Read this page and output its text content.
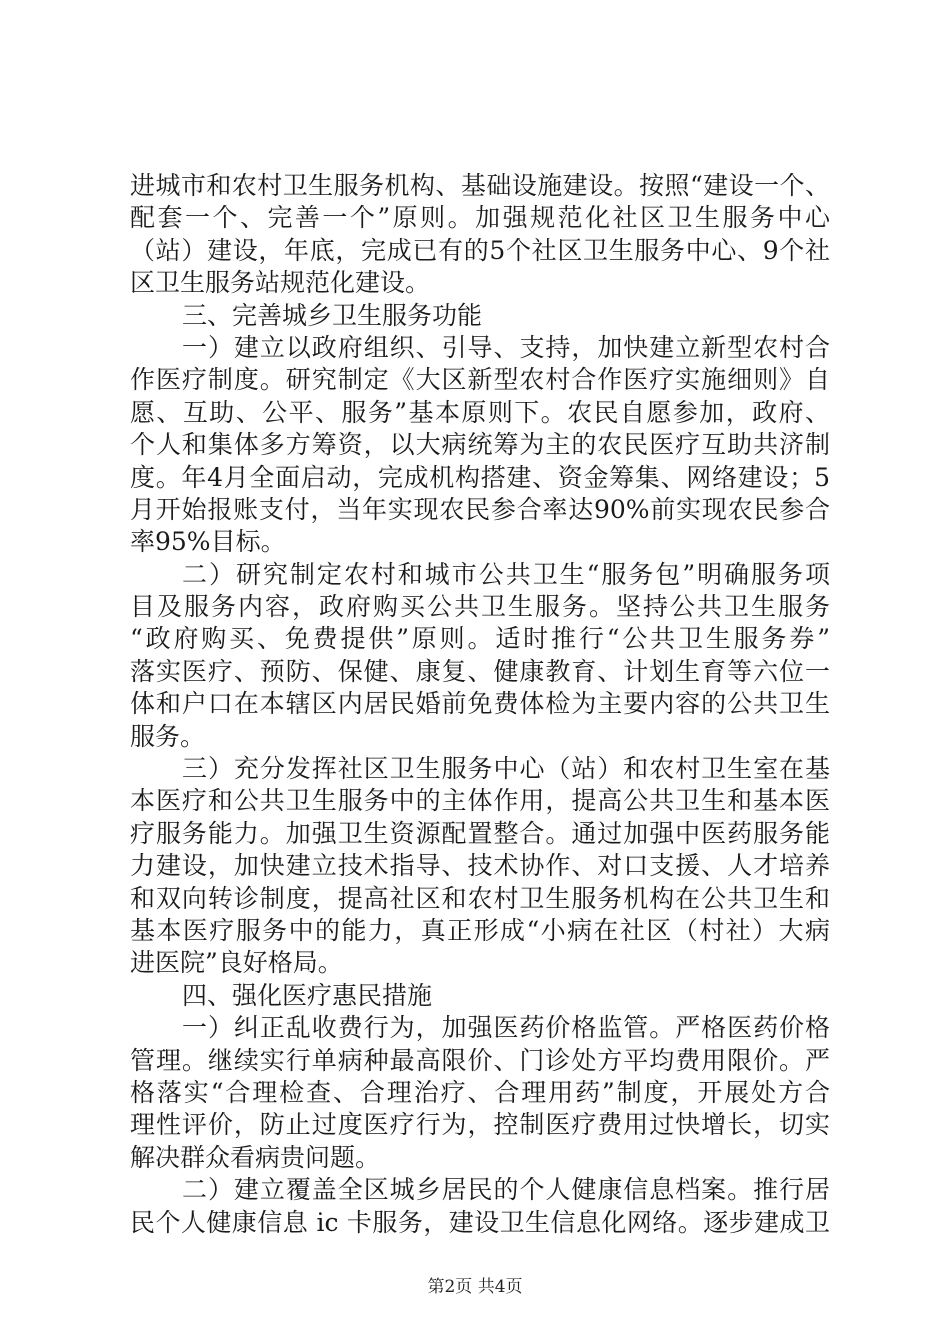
进城市和农村卫生服务机构、基础设施建设。按照“建设一个、
配套一个、完善一个”原则。加强规范化社区卫生服务中心
（站）建设，年底，完成已有的5个社区卫生服务中心、9个社
区卫生服务站规范化建设。
三、完善城乡卫生服务功能
一）建立以政府组织、引导、支持，加快建立新型农村合
作医疗制度。研究制定《大区新型农村合作医疗实施细则》自
愿、互助、公平、服务”基本原则下。农民自愿参加，政府、
个人和集体多方筹资，以大病统筹为主的农民医疗互助共济制
度。年4月全面启动，完成机构搭建、资金筹集、网络建设；5
月开始报账支付，当年实现农民参合率达90%前实现农民参合
率95%目标。
二）研究制定农村和城市公共卫生“服务包”明确服务项
目及服务内容，政府购买公共卫生服务。坚持公共卫生服务
“政府购买、免费提供”原则。适时推行“公共卫生服务券”
落实医疗、预防、保健、康复、健康教育、计划生育等六位一
体和户口在本辖区内居民婚前免费体检为主要内容的公共卫生
服务。
三）充分发挥社区卫生服务中心（站）和农村卫生室在基
本医疗和公共卫生服务中的主体作用，提高公共卫生和基本医
疗服务能力。加强卫生资源配置整合。通过加强中医药服务能
力建设，加快建立技术指导、技术协作、对口支援、人才培养
和双向转诊制度，提高社区和农村卫生服务机构在公共卫生和
基本医疗服务中的能力，真正形成“小病在社区（村社）大病
进医院”良好格局。
四、强化医疗惠民措施
一）纠正乱收费行为，加强医药价格监管。严格医药价格
管理。继续实行单病种最高限价、门诊处方平均费用限价。严
格落实“合理检查、合理治疗、合理用药”制度，开展处方合
理性评价，防止过度医疗行为，控制医疗费用过快增长，切实
解决群众看病贵问题。
二）建立覆盖全区城乡居民的个人健康信息档案。推行居
民个人健康信息 ic 卡服务，建设卫生信息化网络。逐步建成卫
第2页 共4页
